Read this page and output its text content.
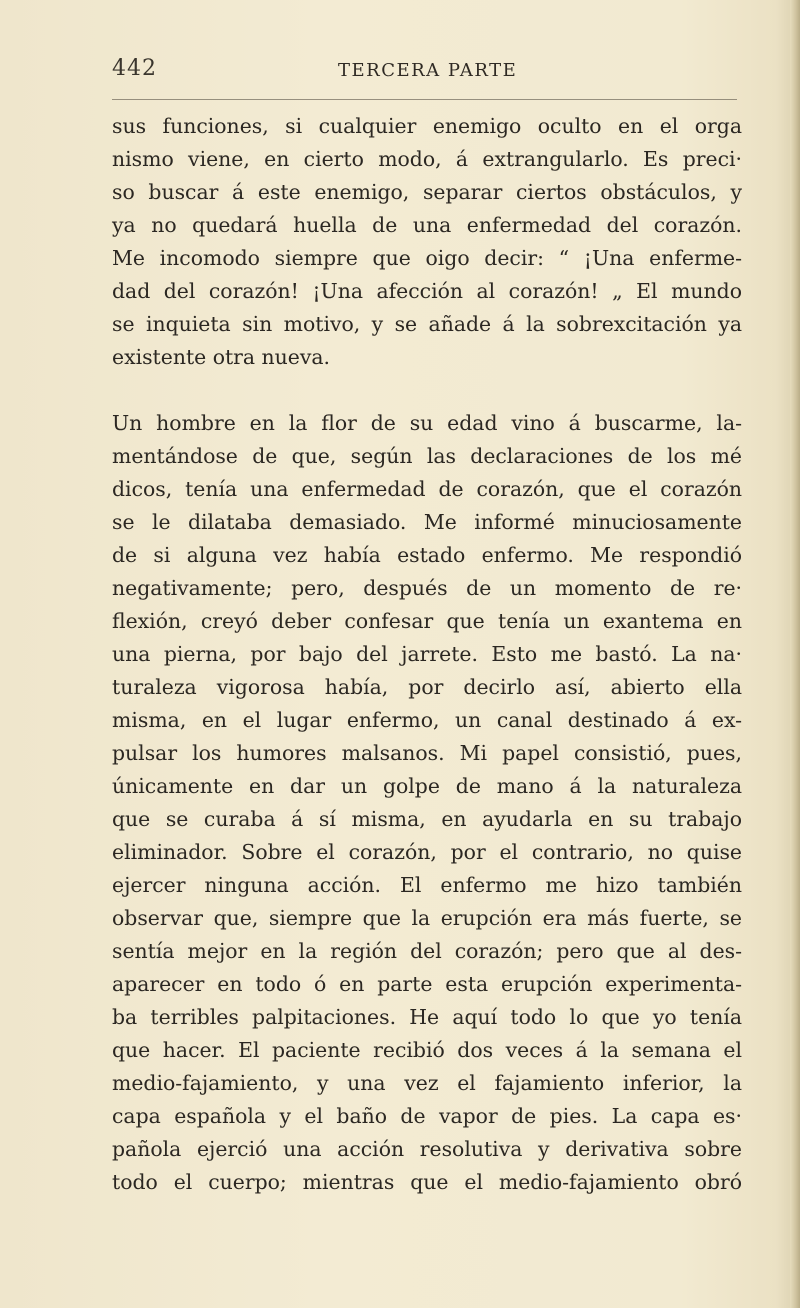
442	TERCERA PARTE
sus funciones, si cualquier enemigo oculto en el orga
nismo viene, en cierto modo, á extrangularlo. Es preci·
so buscar á este enemigo, separar ciertos obstáculos, y
ya no quedará huella de una enfermedad del corazón.
Me incomodo siempre que oigo decir: “ ¡Una enferme-
dad del corazón! ¡Una afección al corazón! „ El mundo
se inquieta sin motivo, y se añade á la sobrexcitación ya
existente otra nueva.
Un hombre en la flor de su edad vino á buscarme, la-
mentándose de que, según las declaraciones de los mé
dicos, tenía una enfermedad de corazón, que el corazón
se le dilataba demasiado. Me informé minuciosamente
de si alguna vez había estado enfermo. Me respondió
negativamente; pero, después de un momento de re·
flexión, creyó deber confesar que tenía un exantema en
una pierna, por bajo del jarrete. Esto me bastó. La na·
turaleza vigorosa había, por decirlo así, abierto ella
misma, en el lugar enfermo, un canal destinado á ex-
pulsar los humores malsanos. Mi papel consistió, pues,
únicamente en dar un golpe de mano á la naturaleza
que se curaba á sí misma, en ayudarla en su trabajo
eliminador. Sobre el corazón, por el contrario, no quise
ejercer ninguna acción. El enfermo me hizo también
observar que, siempre que la erupción era más fuerte, se
sentía mejor en la región del corazón; pero que al des-
aparecer en todo ó en parte esta erupción experimenta-
ba terribles palpitaciones. He aquí todo lo que yo tenía
que hacer. El paciente recibió dos veces á la semana el
medio-fajamiento, y una vez el fajamiento inferior, la
capa española y el baño de vapor de pies. La capa es·
pañola ejerció una acción resolutiva y derivativa sobre
todo el cuerpo; mientras que el medio-fajamiento obró
